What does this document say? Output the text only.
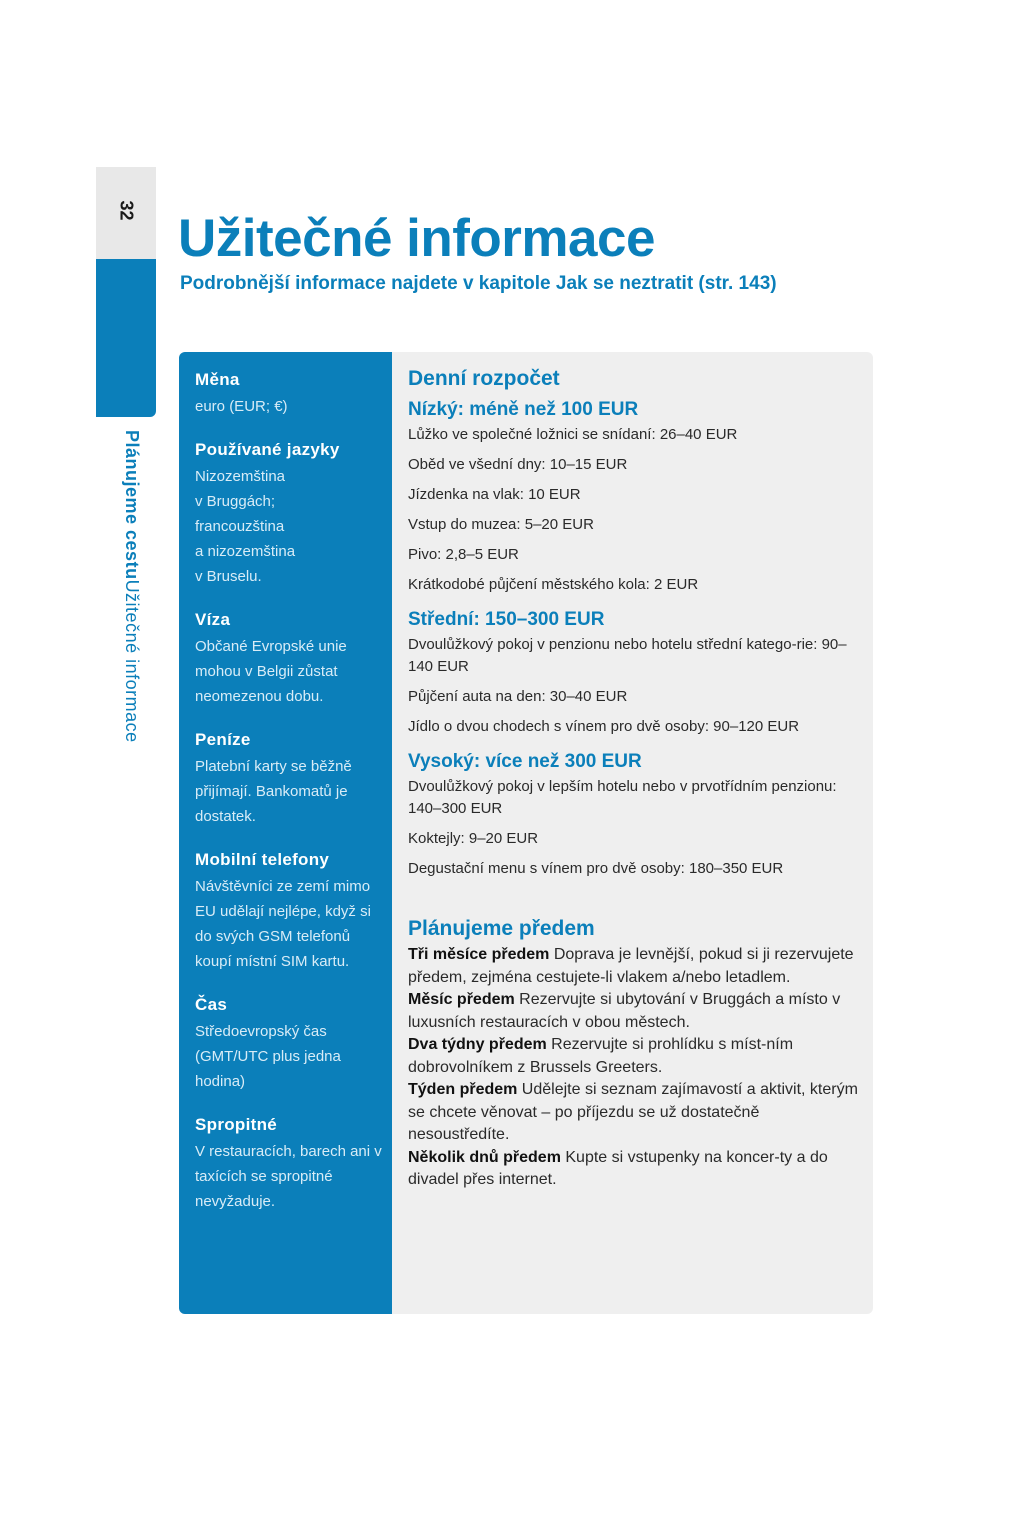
32
Plánujeme cestuUžitečné informace
Užitečné informace

Podrobnější informace najdete v kapitole Jak se neztratit (str. 143)

Měna

euro (EUR; €)

Používané jazyky

Nizozemština
v Bruggách;
francouzština
a nizozemština
v Bruselu.

Víza

Občané Evropské unie mohou v Belgii zůstat neomezenou dobu.

Peníze

Platební karty se běžně přijímají. Bankomatů je dostatek.

Mobilní telefony

Návštěvníci ze zemí mimo EU udělají nejlépe, když si do svých GSM telefonů koupí místní SIM kartu.

Čas

Středoevropský čas (GMT/UTC plus jedna hodina)

Spropitné

V restauracích, barech ani v taxících se spropitné nevyžaduje.

Denní rozpočet
Nízký: méně než 100 EUR

Lůžko ve společné ložnici se snídaní: 26–40 EUR

Oběd ve všední dny: 10–15 EUR

Jízdenka na vlak: 10 EUR

Vstup do muzea: 5–20 EUR

Pivo: 2,8–5 EUR

Krátkodobé půjčení městského kola: 2 EUR

Střední: 150–300 EUR

Dvoulůžkový pokoj v penzionu nebo hotelu střední katego-rie: 90–140 EUR

Půjčení auta na den: 30–40 EUR

Jídlo o dvou chodech s vínem pro dvě osoby: 90–120 EUR

Vysoký: více než 300 EUR

Dvoulůžkový pokoj v lepším hotelu nebo v prvotřídním penzionu: 140–300 EUR

Koktejly: 9–20 EUR

Degustační menu s vínem pro dvě osoby: 180–350 EUR

Plánujeme předem

Tři měsíce předem Doprava je levnější, pokud si ji rezervujete předem, zejména cestujete-li vlakem a/nebo letadlem.

Měsíc předem Rezervujte si ubytování v Bruggách a místo v luxusních restauracích v obou městech.

Dva týdny předem Rezervujte si prohlídku s míst-ním dobrovolníkem z Brussels Greeters.

Týden předem Udělejte si seznam zajímavostí a aktivit, kterým se chcete věnovat – po příjezdu se už dostatečně nesoustředíte.

Několik dnů předem Kupte si vstupenky na koncer-ty a do divadel přes internet.
